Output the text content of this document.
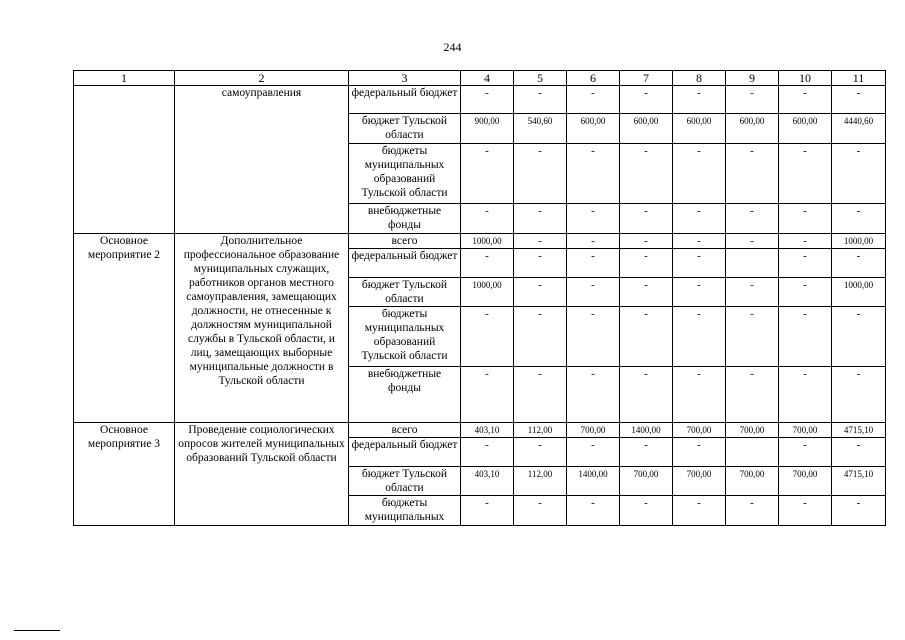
244
1	2	3	4	5	6	7	8	9	10	11
	самоуправления	федеральный бюджет	-	-	-	-	-	-	-	-
		бюджет Тульской области	900,00	540,60	600,00	600,00	600,00	600,00	600,00	4440,60
		бюджеты муниципальных образований Тульской области	-	-	-	-	-	-	-	-
		внебюджетные фонды	-	-	-	-	-	-	-	-
Основное мероприятие 2	Дополнительное профессиональное образование муниципальных служащих, работников органов местного самоуправления, замещающих должности, не отнесенные к должностям муниципальной службы в Тульской области, и лиц, замещающих выборные муниципальные должности в Тульской области	всего	1000,00	-	-	-	-	-	-	1000,00
		федеральный бюджет	-	-	-	-	-		-	-
		бюджет Тульской области	1000,00	-	-	-	-	-	-	1000,00
		бюджеты муниципальных образований Тульской области	-	-	-	-	-	-	-	-
		внебюджетные фонды	-	-	-	-	-	-	-	-
Основное мероприятие 3	Проведение социологических опросов жителей муниципальных образований Тульской области	всего	403,10	112,00	700,00	1400,00	700,00	700,00	700,00	4715,10
		федеральный бюджет	-	-	-	-	-		-	-
		бюджет Тульской области	403,10	112,00	1400,00	700,00	700,00	700,00	700,00	4715,10
		бюджеты муниципальных	-	-	-	-	-	-	-	-
